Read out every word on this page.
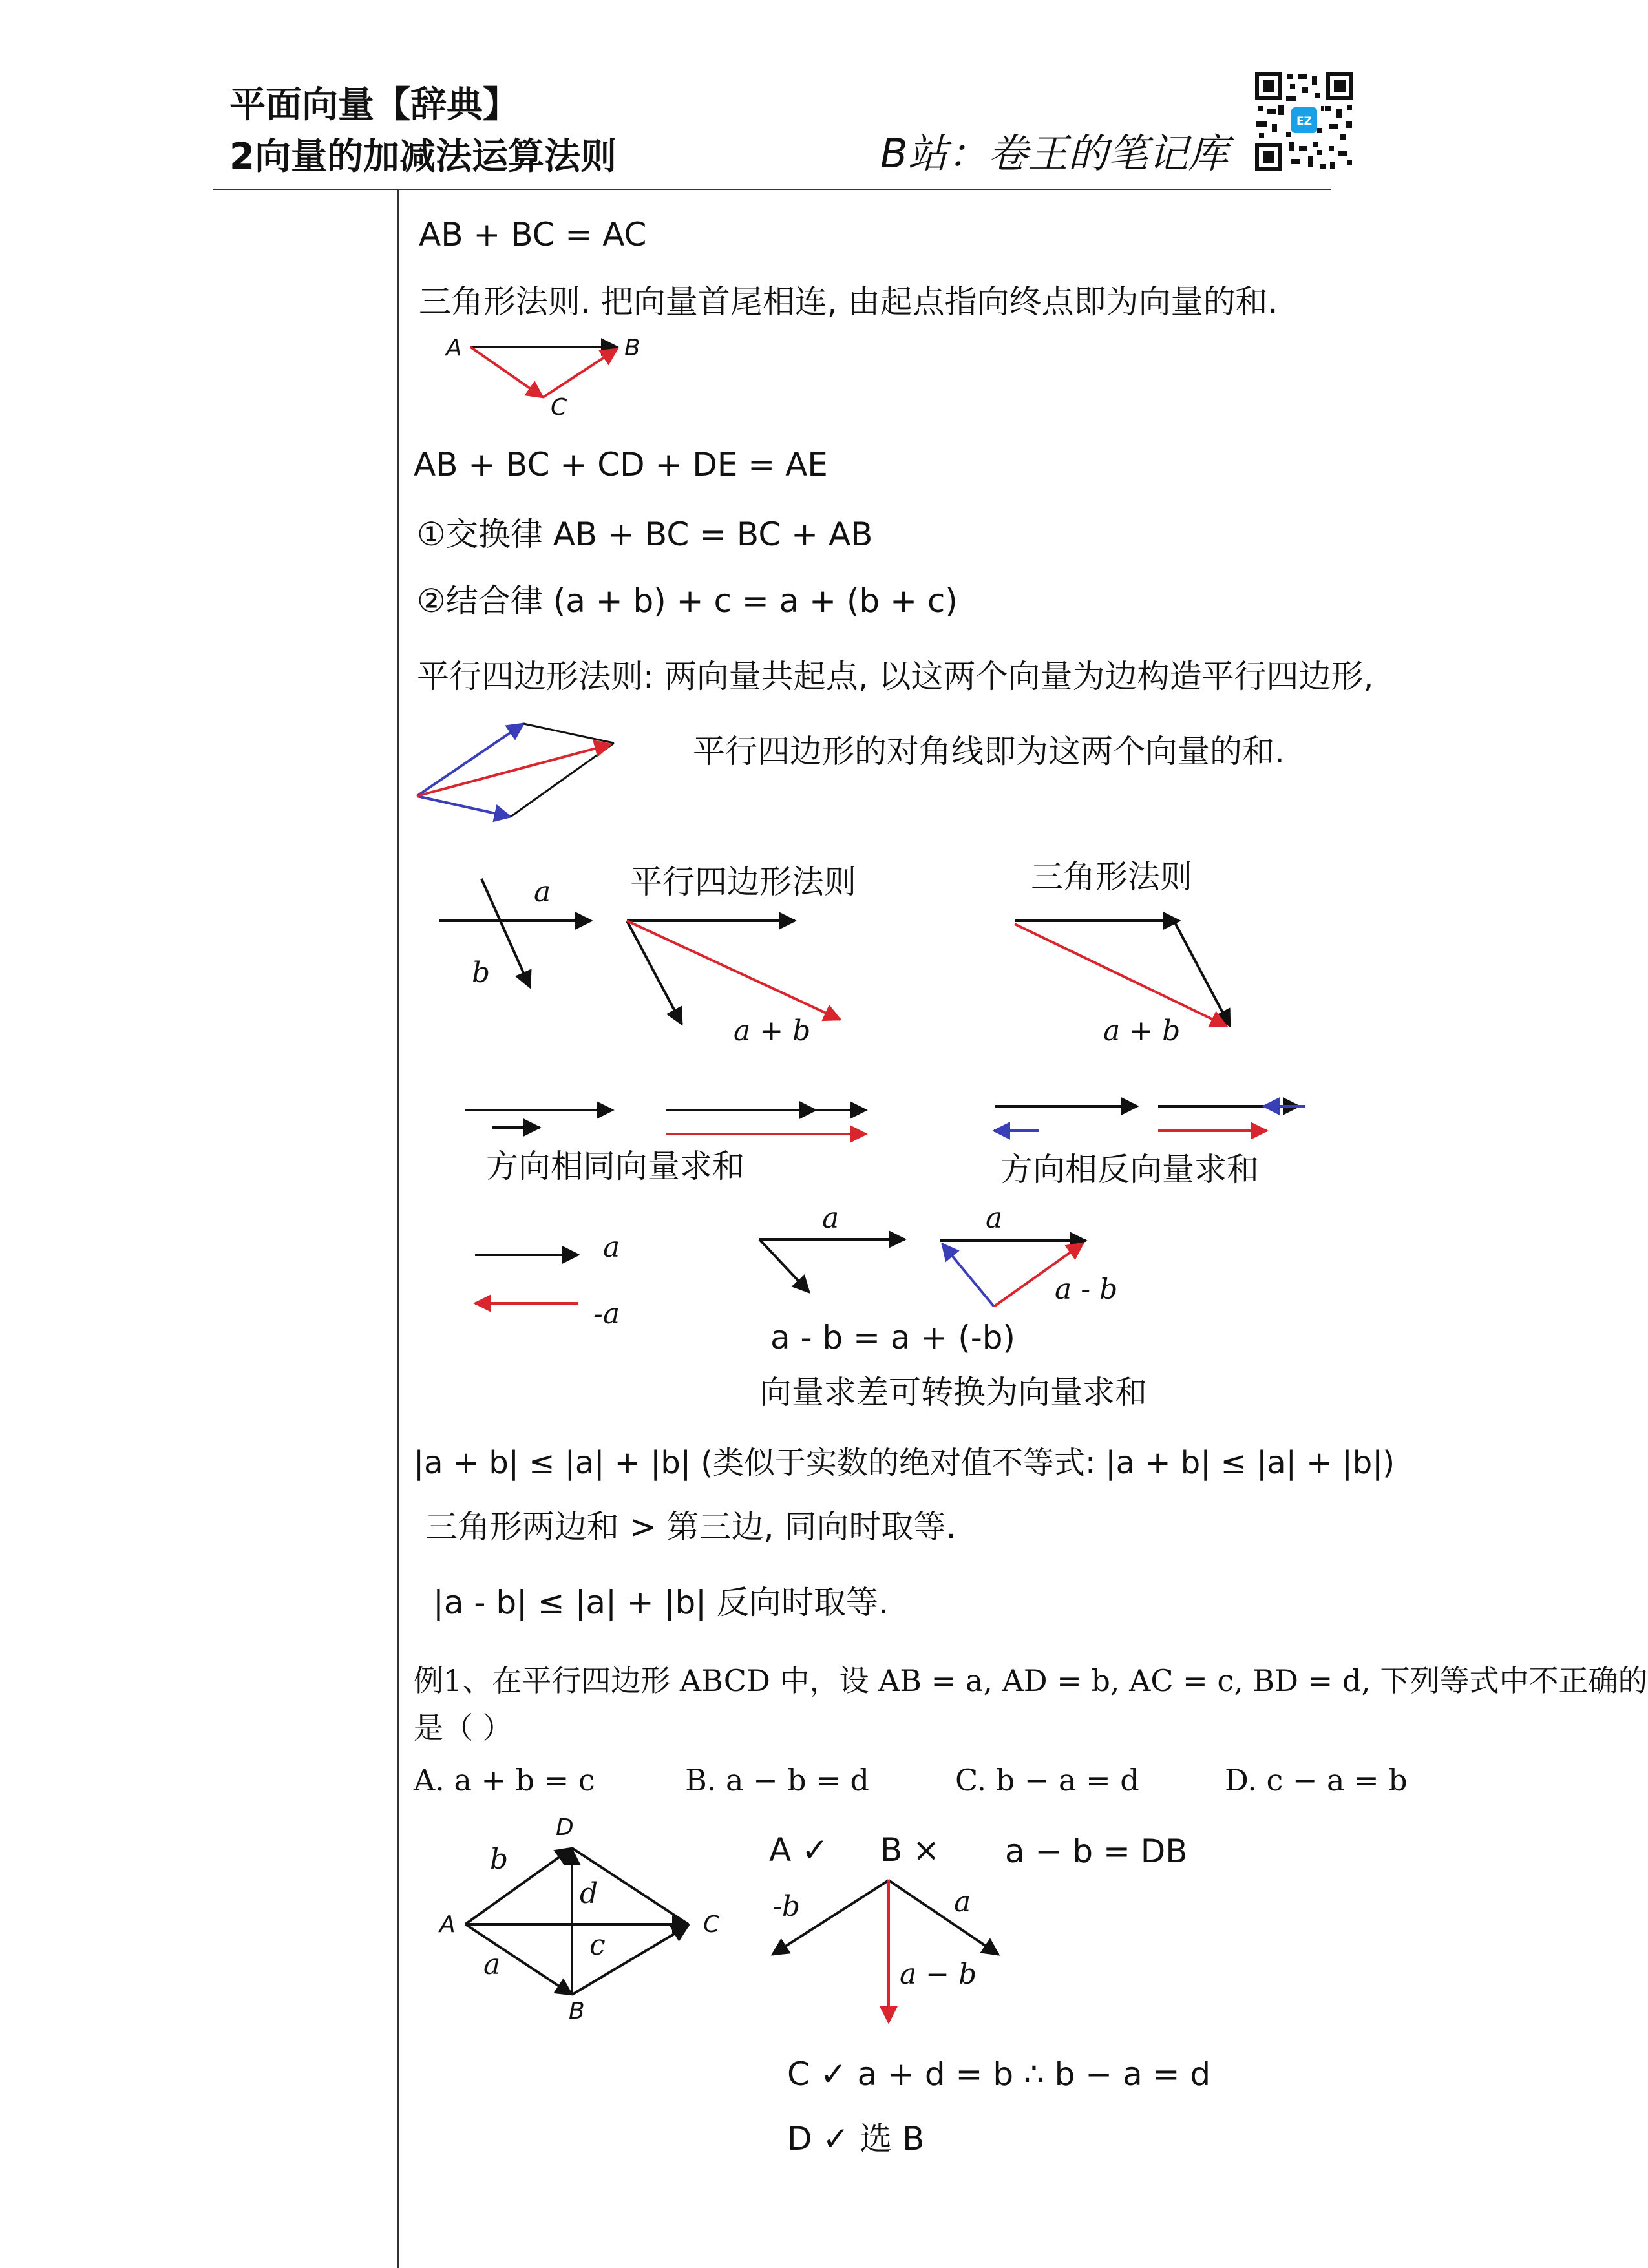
平面向量【辞典】
2向量的加减法运算法则	B站：卷王的笔记库
EZ
AB + BC = AC
三角形法则. 把向量首尾相连, 由起点指向终点即为向量的和.
A	B
C
AB + BC + CD + DE = AE
①交换律 AB + BC = BC + AB
②结合律 (a + b) + c = a + (b + c)
平行四边形法则: 两向量共起点, 以这两个向量为边构造平行四边形,
平行四边形的对角线即为这两个向量的和.
a
b
平行四边形法则	三角形法则
a + b	a + b
方向相同向量求和	方向相反向量求和
a
-a
a	a
a - b
a - b = a + (-b)
向量求差可转换为向量求和
|a + b| ≤ |a| + |b| (类似于实数的绝对值不等式: |a + b| ≤ |a| + |b|)
三角形两边和 > 第三边, 同向时取等.
|a - b| ≤ |a| + |b| 反向时取等.
例1、在平行四边形 ABCD 中，设 AB = a, AD = b, AC = c, BD = d, 下列等式中不正确的
是（ ）
A. a + b = c	B. a − b = d	C. b − a = d	D. c − a = b
D
A	C
B
b
a
d
c
A ✓ B × a − b = DB
-b	a
a − b
C ✓ a + d = b ∴ b − a = d
D ✓ 选 B
